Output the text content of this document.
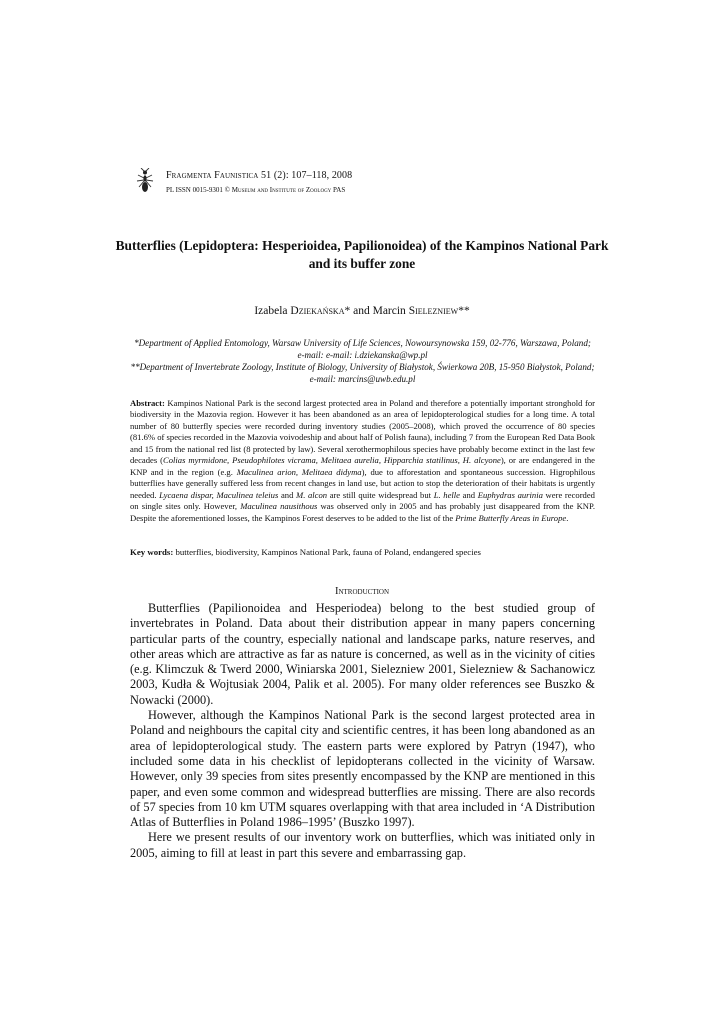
Fragmenta Faunistica 51 (2): 107–118, 2008
PL ISSN 0015-9301 © Museum and Institute of Zoology PAS
Butterflies (Lepidoptera: Hesperioidea, Papilionoidea) of the Kampinos National Park and its buffer zone
Izabela Dziekańska* and Marcin Sielezniew**
*Department of Applied Entomology, Warsaw University of Life Sciences, Nowoursynowska 159, 02-776, Warszawa, Poland; e-mail: e-mail: i.dziekanska@wp.pl
**Department of Invertebrate Zoology, Institute of Biology, University of Białystok, Świerkowa 20B, 15-950 Białystok, Poland; e-mail: marcins@uwb.edu.pl
Abstract: Kampinos National Park is the second largest protected area in Poland and therefore a potentially important stronghold for biodiversity in the Mazovia region. However it has been abandoned as an area of lepidopterological studies for a long time. A total number of 80 butterfly species were recorded during inventory studies (2005–2008), which proved the occurrence of 80 species (81.6% of species recorded in the Mazovia voivodeship and about half of Polish fauna), including 7 from the European Red Data Book and 15 from the national red list (8 protected by law). Several xerothermophilous species have probably become extinct in the last few decades (Colias myrmidone, Pseudophilotes vicrama, Melitaea aurelia, Hipparchia statilinus, H. alcyone), or are endangered in the KNP and in the region (e.g. Maculinea arion, Melitaea didyma), due to afforestation and spontaneous succession. Higrophilous butterflies have generally suffered less from recent changes in land use, but action to stop the deterioration of their habitats is urgently needed. Lycaena dispar, Maculinea teleius and M. alcon are still quite widespread but L. helle and Euphydras aurinia were recorded on single sites only. However, Maculinea nausithous was observed only in 2005 and has probably just disappeared from the KNP. Despite the aforementioned losses, the Kampinos Forest deserves to be added to the list of the Prime Butterfly Areas in Europe.
Key words: butterflies, biodiversity, Kampinos National Park, fauna of Poland, endangered species
Introduction

Butterflies (Papilionoidea and Hesperiodea) belong to the best studied group of invertebrates in Poland. Data about their distribution appear in many papers concerning particular parts of the country, especially national and landscape parks, nature reserves, and other areas which are attractive as far as nature is concerned, as well as in the vicinity of cities (e.g. Klimczuk & Twerd 2000, Winiarska 2001, Sielezniew 2001, Sielezniew & Sachanowicz 2003, Kudła & Wojtusiak 2004, Palik et al. 2005). For many older references see Buszko & Nowacki (2000).

However, although the Kampinos National Park is the second largest protected area in Poland and neighbours the capital city and scientific centres, it has been long abandoned as an area of lepidopterological study. The eastern parts were explored by Patryn (1947), who included some data in his checklist of lepidopterans collected in the vicinity of Warsaw. However, only 39 species from sites presently encompassed by the KNP are mentioned in this paper, and even some common and widespread butterflies are missing. There are also records of 57 species from 10 km UTM squares overlapping with that area included in ‘A Distribution Atlas of Butterflies in Poland 1986–1995’ (Buszko 1997).

Here we present results of our inventory work on butterflies, which was initiated only in 2005, aiming to fill at least in part this severe and embarrassing gap.
